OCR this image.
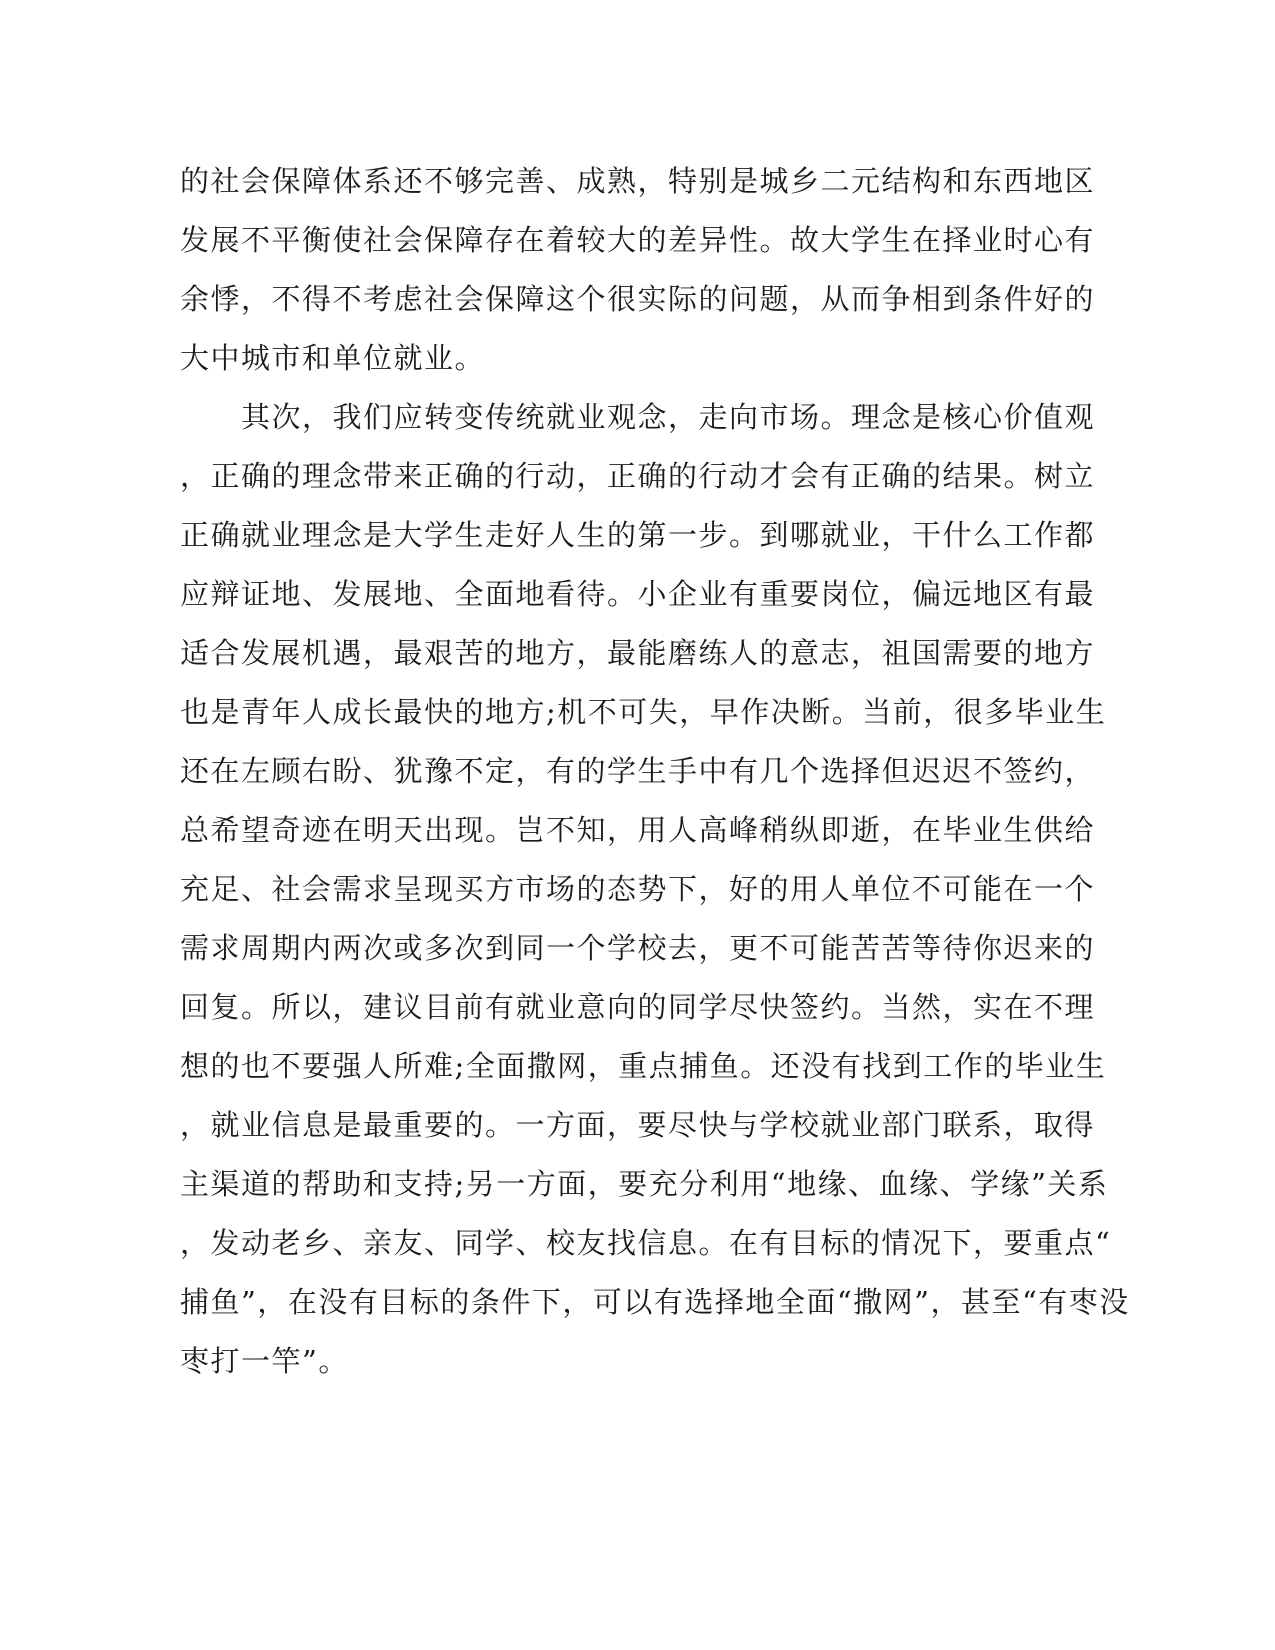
的社会保障体系还不够完善、成熟，特别是城乡二元结构和东西地区
发展不平衡使社会保障存在着较大的差异性。故大学生在择业时心有
余悸，不得不考虑社会保障这个很实际的问题，从而争相到条件好的
大中城市和单位就业。
　　其次，我们应转变传统就业观念，走向市场。理念是核心价值观
，正确的理念带来正确的行动，正确的行动才会有正确的结果。树立
正确就业理念是大学生走好人生的第一步。到哪就业，干什么工作都
应辩证地、发展地、全面地看待。小企业有重要岗位，偏远地区有最
适合发展机遇，最艰苦的地方，最能磨练人的意志，祖国需要的地方
也是青年人成长最快的地方;机不可失，早作决断。当前，很多毕业生
还在左顾右盼、犹豫不定，有的学生手中有几个选择但迟迟不签约，
总希望奇迹在明天出现。岂不知，用人高峰稍纵即逝，在毕业生供给
充足、社会需求呈现买方市场的态势下，好的用人单位不可能在一个
需求周期内两次或多次到同一个学校去，更不可能苦苦等待你迟来的
回复。所以，建议目前有就业意向的同学尽快签约。当然，实在不理
想的也不要强人所难;全面撒网，重点捕鱼。还没有找到工作的毕业生
，就业信息是最重要的。一方面，要尽快与学校就业部门联系，取得
主渠道的帮助和支持;另一方面，要充分利用“地缘、血缘、学缘”关系
，发动老乡、亲友、同学、校友找信息。在有目标的情况下，要重点“
捕鱼”，在没有目标的条件下，可以有选择地全面“撒网”，甚至“有枣没
枣打一竿”。
